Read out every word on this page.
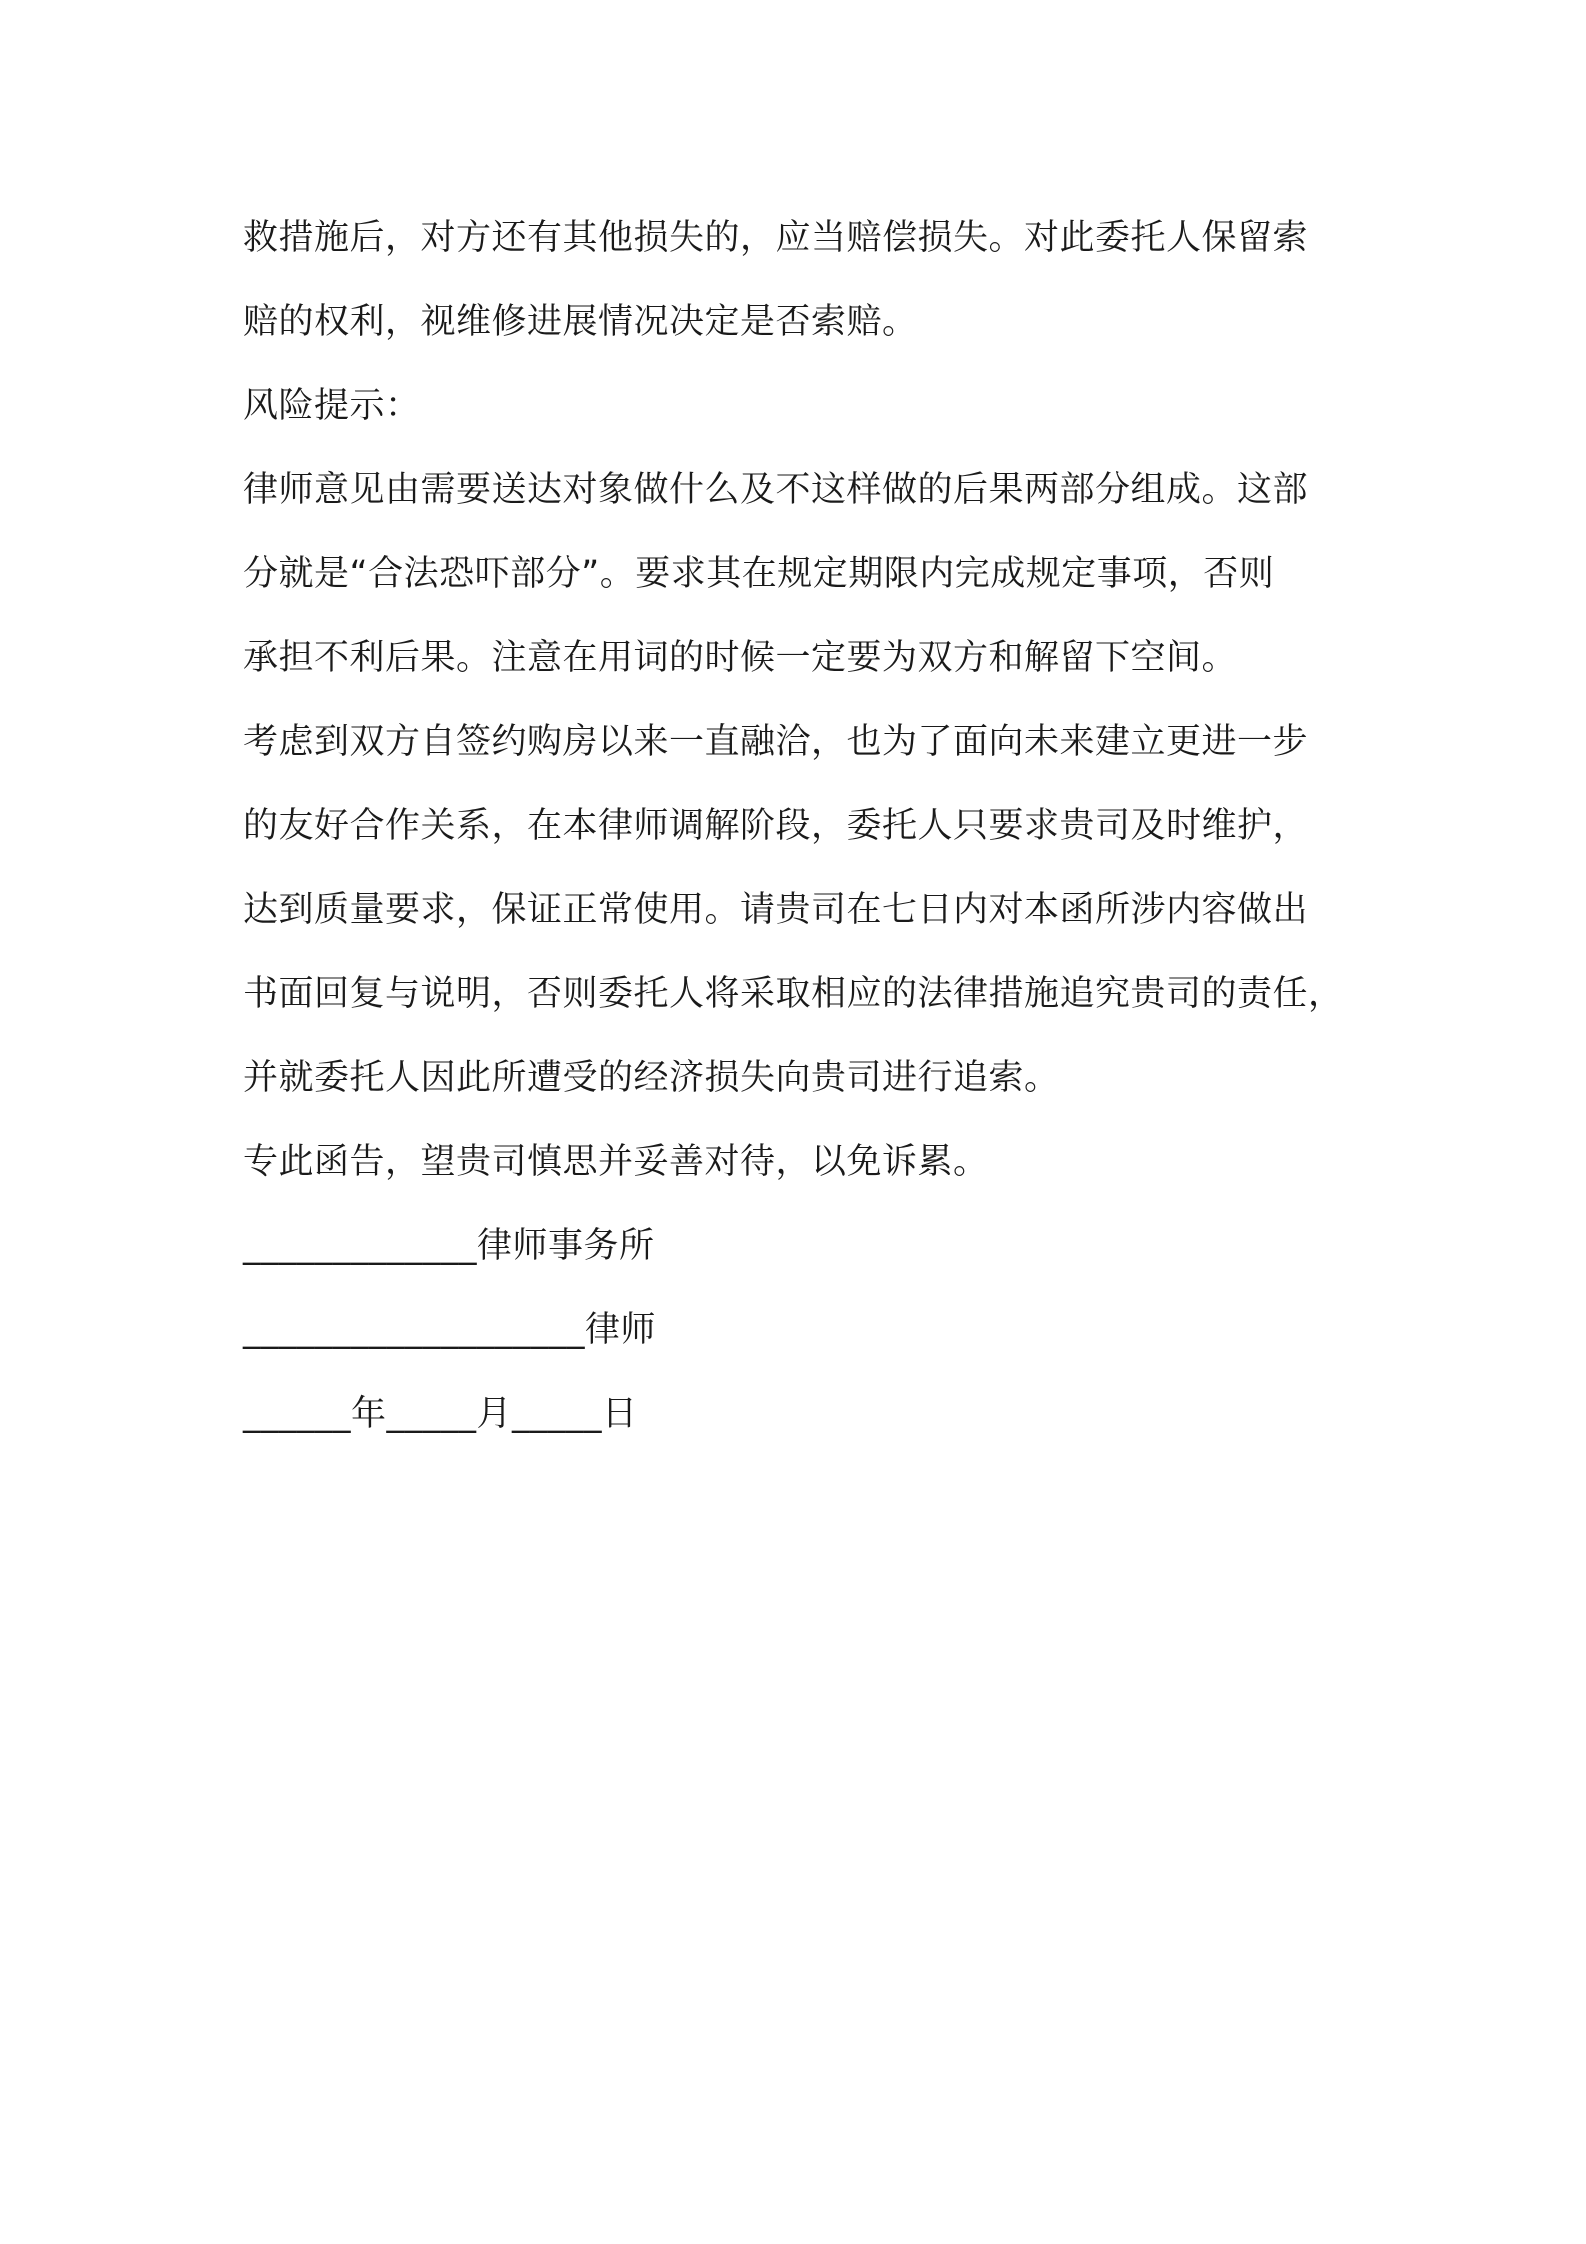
救措施后，对方还有其他损失的，应当赔偿损失。对此委托人保留索
赔的权利，视维修进展情况决定是否索赔。
风险提示：
律师意见由需要送达对象做什么及不这样做的后果两部分组成。这部
分就是“合法恐吓部分”。要求其在规定期限内完成规定事项，否则
承担不利后果。注意在用词的时候一定要为双方和解留下空间。
考虑到双方自签约购房以来一直融洽，也为了面向未来建立更进一步
的友好合作关系，在本律师调解阶段，委托人只要求贵司及时维护，
达到质量要求，保证正常使用。请贵司在七日内对本函所涉内容做出
书面回复与说明，否则委托人将采取相应的法律措施追究贵司的责任，
并就委托人因此所遭受的经济损失向贵司进行追索。
专此函告，望贵司慎思并妥善对待，以免诉累。
_____________律师事务所
___________________律师
______年_____月_____日
